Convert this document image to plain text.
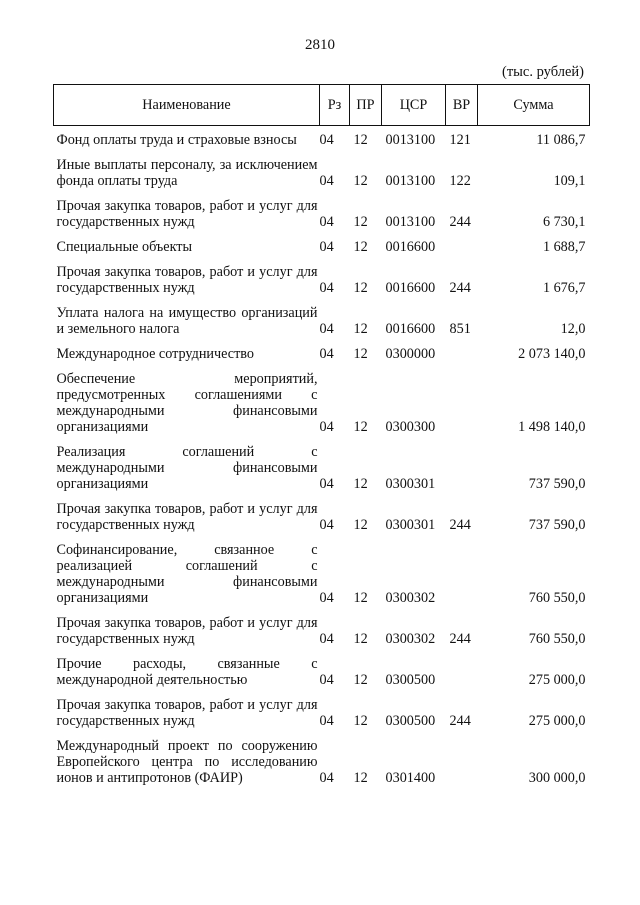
2810
(тыс. рублей)
Наименование	Рз	ПР	ЦСР	ВР	Сумма
Фонд оплаты труда и страховые взносы	04	12	0013100	121	11 086,7
Иные выплаты персоналу, за исключением фонда оплаты труда	04	12	0013100	122	109,1
Прочая закупка товаров, работ и услуг для государственных нужд	04	12	0013100	244	6 730,1
Специальные объекты	04	12	0016600		1 688,7
Прочая закупка товаров, работ и услуг для государственных нужд	04	12	0016600	244	1 676,7
Уплата налога на имущество организаций и земельного налога	04	12	0016600	851	12,0
Международное сотрудничество	04	12	0300000		2 073 140,0
Обеспечение мероприятий, предусмотренных соглашениями с международными финансовыми организациями	04	12	0300300		1 498 140,0
Реализация соглашений с международными финансовыми организациями	04	12	0300301		737 590,0
Прочая закупка товаров, работ и услуг для государственных нужд	04	12	0300301	244	737 590,0
Софинансирование, связанное с реализацией соглашений с международными финансовыми организациями	04	12	0300302		760 550,0
Прочая закупка товаров, работ и услуг для государственных нужд	04	12	0300302	244	760 550,0
Прочие расходы, связанные с международной деятельностью	04	12	0300500		275 000,0
Прочая закупка товаров, работ и услуг для государственных нужд	04	12	0300500	244	275 000,0
Международный проект по сооружению Европейского центра по исследованию ионов и антипротонов (ФАИР)	04	12	0301400		300 000,0
